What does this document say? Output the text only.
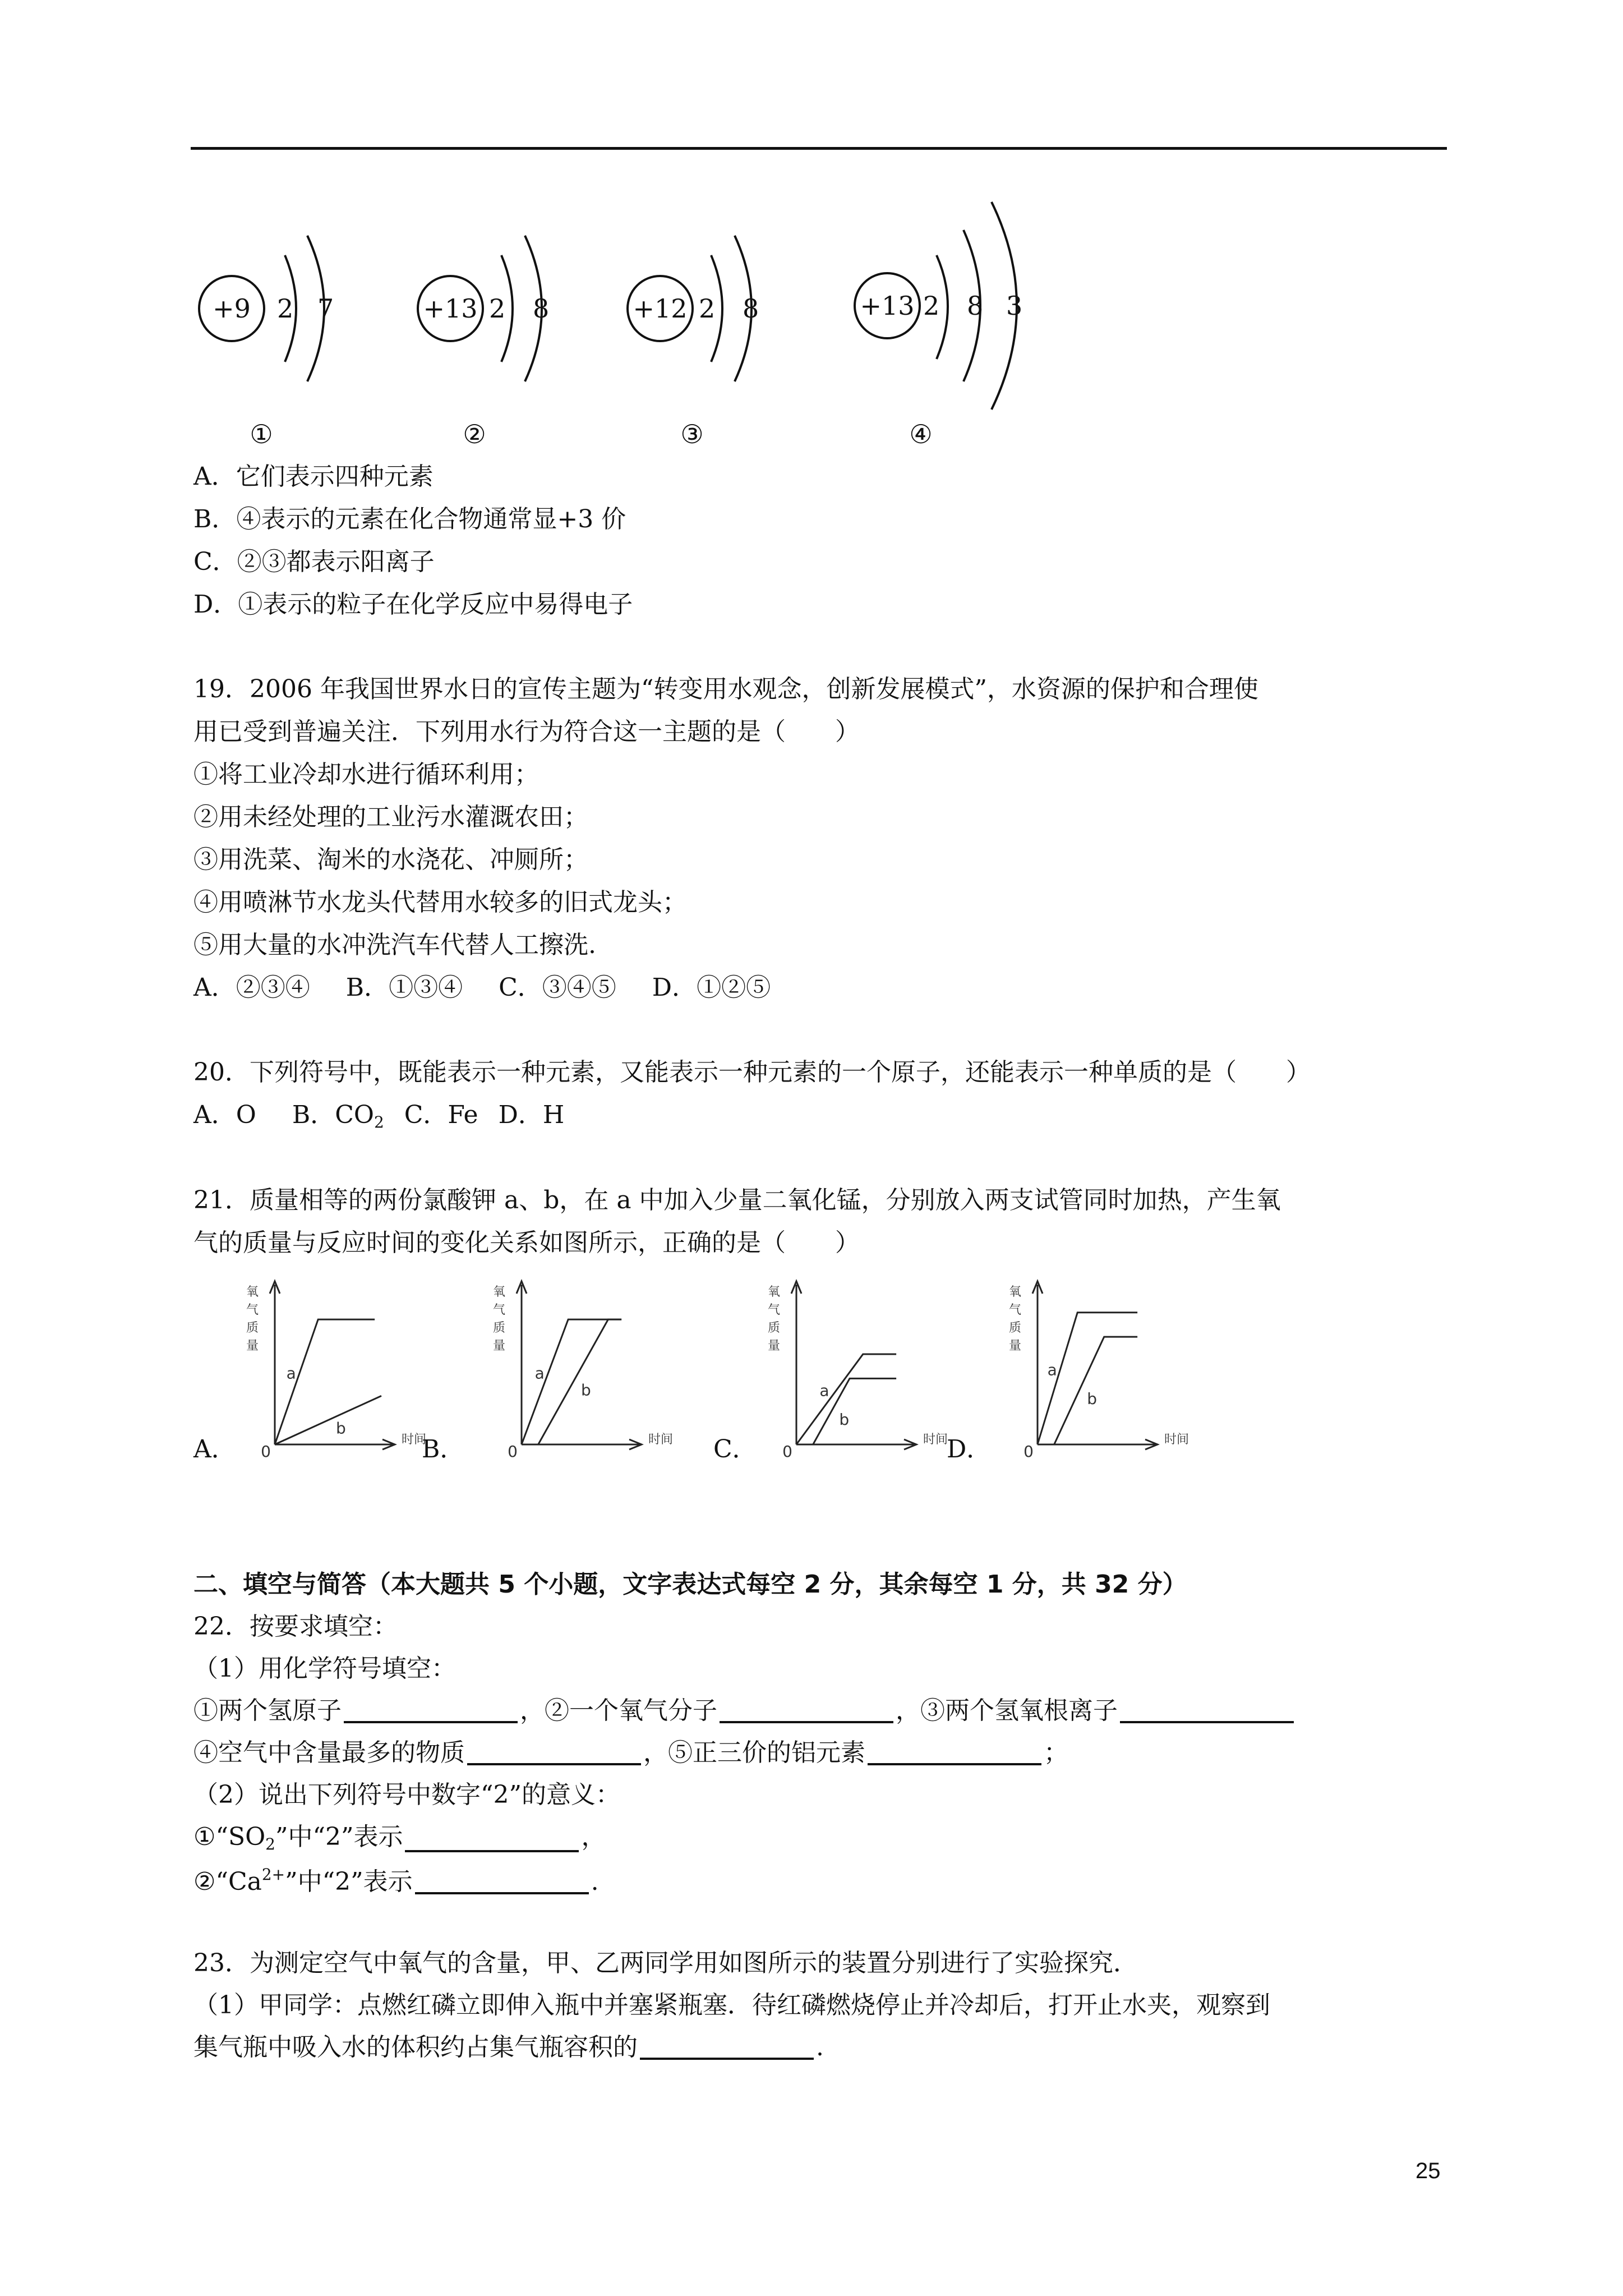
+9 2 7
①
+13 2 8
②
+12 2 8
③
+13 2 8 3
④
A．它们表示四种元素
B．④表示的元素在化合物通常显+3 价
C．②③都表示阳离子
D．①表示的粒子在化学反应中易得电子
19．2006 年我国世界水日的宣传主题为“转变用水观念，创新发展模式”，水资源的保护和合理使
用已受到普遍关注．下列用水行为符合这一主题的是（　　）
①将工业冷却水进行循环利用；
②用未经处理的工业污水灌溉农田；
③用洗菜、淘米的水浇花、冲厕所；
④用喷淋节水龙头代替用水较多的旧式龙头；
⑤用大量的水冲洗汽车代替人工擦洗.
A．②③④ B．①③④ C．③④⑤ D．①②⑤
20．下列符号中，既能表示一种元素，又能表示一种元素的一个原子，还能表示一种单质的是（　　）
A．O B．$CO_2$ C．Fe D．H
21．质量相等的两份氯酸钾 a、b，在 a 中加入少量二氧化锰，分别放入两支试管同时加热，产生氧
气的质量与反应时间的变化关系如图所示，正确的是（　　）
A．	B．	C．	D．
0
时间
氧
气
质
量
a
b
0
时间
氧
气
质
量
a
b
0
时间
氧
气
质
量
a
b
0
时间
氧
气
质
量
a
b
二、填空与简答（本大题共 5 个小题，文字表达式每空 2 分，其余每空 1 分，共 32 分）
22．按要求填空：
（1）用化学符号填空：
①两个氢原子	，②一个氧气分子	，③两个氢氧根离子
④空气中含量最多的物质	，⑤正三价的铝元素	；
（2）说出下列符号中数字“2”的意义：
$①“SO_2$”中“2”表示	，
$②“Ca^{2+}$”中“2”表示	.
23．为测定空气中氧气的含量，甲、乙两同学用如图所示的装置分别进行了实验探究．
（1）甲同学：点燃红磷立即伸入瓶中并塞紧瓶塞．待红磷燃烧停止并冷却后，打开止水夹，观察到
集气瓶中吸入水的体积约占集气瓶容积的	.
25
